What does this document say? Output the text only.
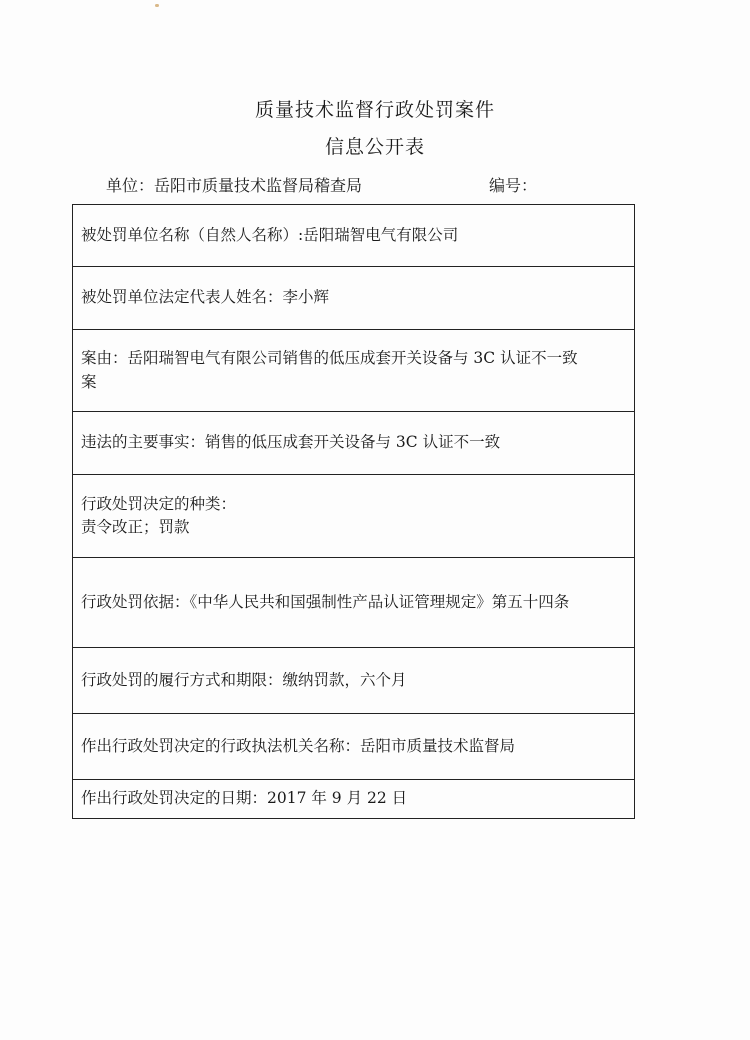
质量技术监督行政处罚案件
信息公开表
单位：岳阳市质量技术监督局稽查局	编号：
被处罚单位名称（自然人名称）:岳阳瑞智电气有限公司
被处罚单位法定代表人姓名：李小辉

案由：岳阳瑞智电气有限公司销售的低压成套开关设备与 3C 认证不一致
案

违法的主要事实：销售的低压成套开关设备与 3C 认证不一致

行政处罚决定的种类：
责令改正；罚款

行政处罚依据：《中华人民共和国强制性产品认证管理规定》第五十四条
行政处罚的履行方式和期限：缴纳罚款，六个月
作出行政处罚决定的行政执法机关名称：岳阳市质量技术监督局
作出行政处罚决定的日期：2017 年 9 月 22 日
